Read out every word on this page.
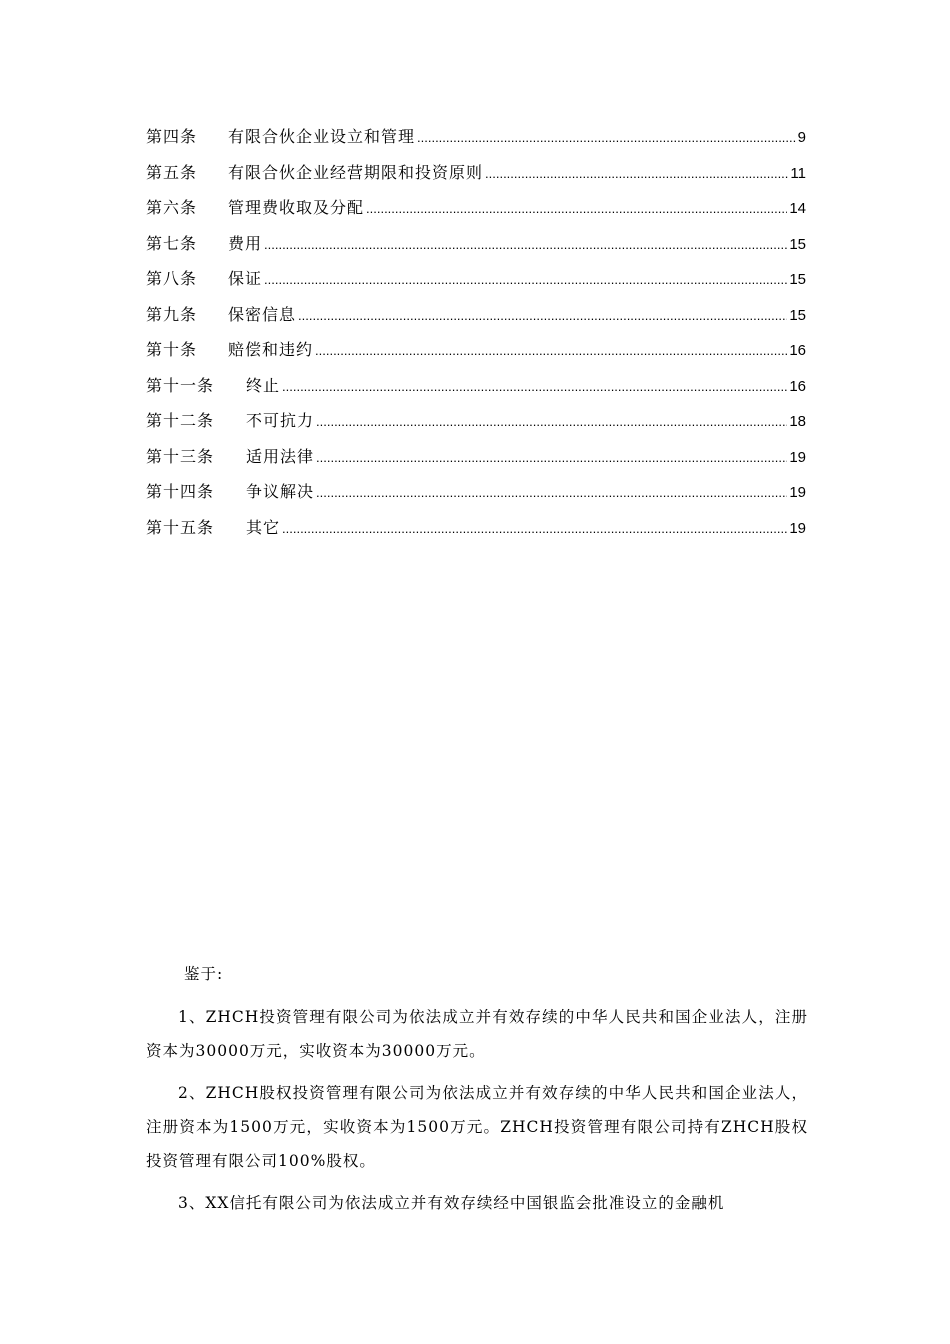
第四条	有限合伙企业设立和管理 .....	9
第五条	有限合伙企业经营期限和投资原则 .....	11
第六条	管理费收取及分配 .....	14
第七条	费用 .....	15
第八条	保证 .....	15
第九条	保密信息 .....	15
第十条	赔偿和违约 .....	16
第十一条	终止 .....	16
第十二条	不可抗力 .....	18
第十三条	适用法律 .....	19
第十四条	争议解决 .....	19
第十五条	其它 .....	19

鉴于:

1、ZHCH投资管理有限公司为依法成立并有效存续的中华人民共和国企业法人，注册资本为30000万元，实收资本为30000万元。

2、ZHCH股权投资管理有限公司为依法成立并有效存续的中华人民共和国企业法人，注册资本为1500万元，实收资本为1500万元。ZHCH投资管理有限公司持有ZHCH股权投资管理有限公司100%股权。

3、XX信托有限公司为依法成立并有效存续经中国银监会批准设立的金融机
